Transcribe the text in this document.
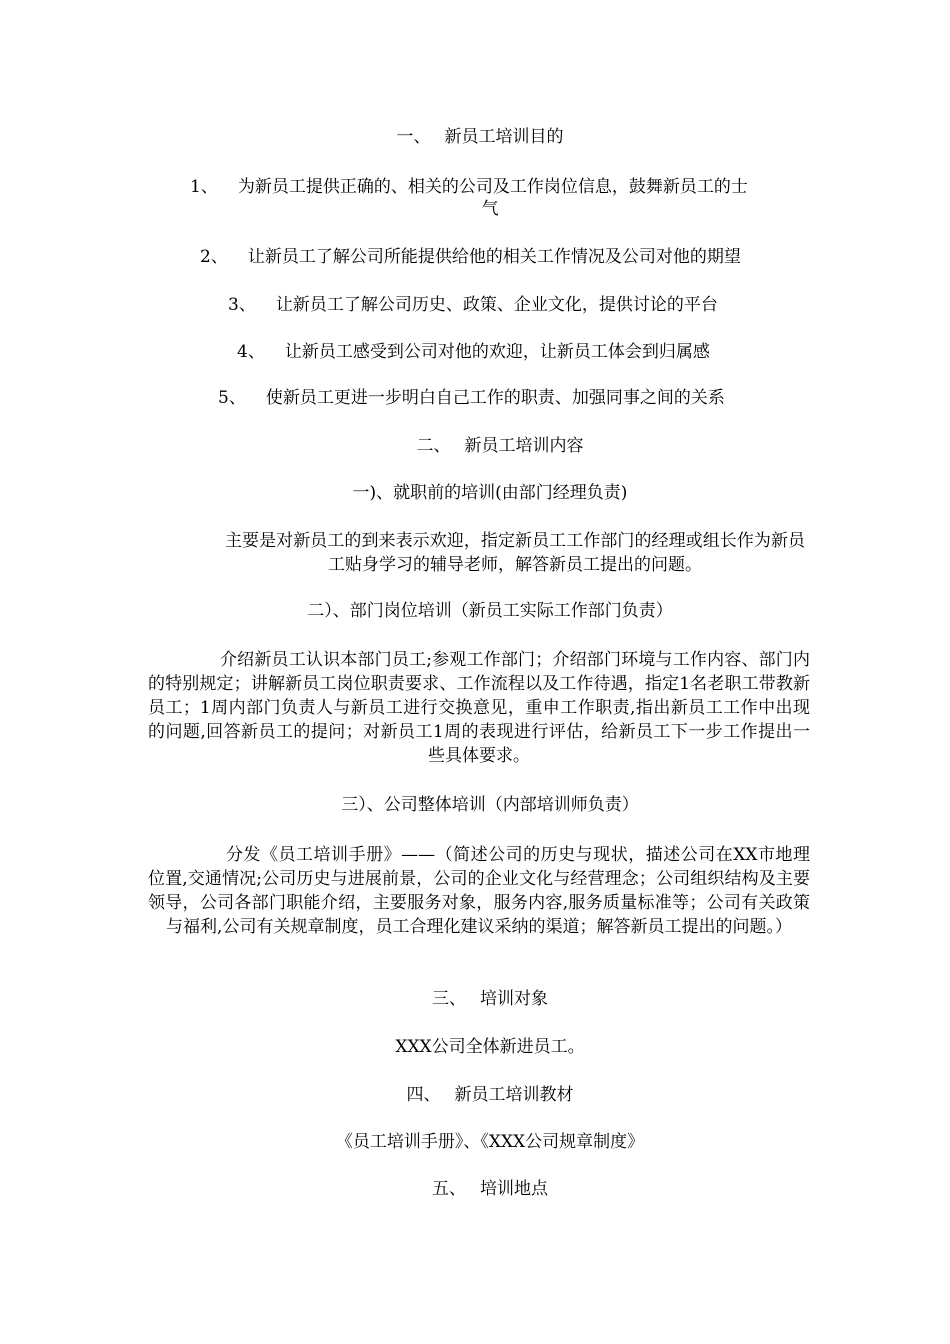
一、 新员工培训目的
1、 为新员工提供正确的、相关的公司及工作岗位信息，鼓舞新员工的士
气
2、 让新员工了解公司所能提供给他的相关工作情况及公司对他的期望
3、 让新员工了解公司历史、政策、企业文化，提供讨论的平台
4、 让新员工感受到公司对他的欢迎，让新员工体会到归属感
5、 使新员工更进一步明白自己工作的职责、加强同事之间的关系
二、 新员工培训内容
一)、就职前的培训(由部门经理负责)
主要是对新员工的到来表示欢迎，指定新员工工作部门的经理或组长作为新员工贴身学习的辅导老师，解答新员工提出的问题。
二）、部门岗位培训（新员工实际工作部门负责）
介绍新员工认识本部门员工;参观工作部门；介绍部门环境与工作内容、部门内的特别规定；讲解新员工岗位职责要求、工作流程以及工作待遇，指定1名老职工带教新员工；1周内部门负责人与新员工进行交换意见，重申工作职责,指出新员工工作中出现的问题,回答新员工的提问；对新员工1周的表现进行评估，给新员工下一步工作提出一些具体要求。
三）、公司整体培训（内部培训师负责）
分发《员工培训手册》——（简述公司的历史与现状，描述公司在XX市地理位置,交通情况;公司历史与进展前景，公司的企业文化与经营理念；公司组织结构及主要领导，公司各部门职能介绍，主要服务对象，服务内容,服务质量标准等；公司有关政策与福利,公司有关规章制度，员工合理化建议采纳的渠道；解答新员工提出的问题。）
三、 培训对象
XXX公司全体新进员工。
四、 新员工培训教材
《员工培训手册》、《XXX公司规章制度》
五、 培训地点
